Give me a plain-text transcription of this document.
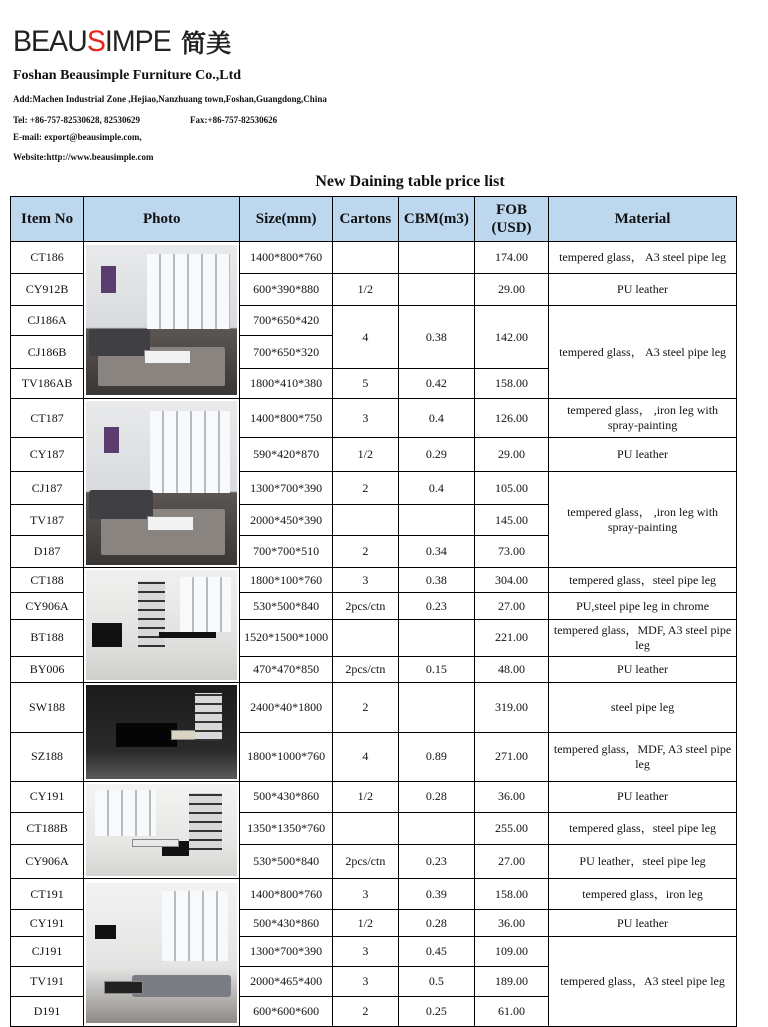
BEAUSIMPE 简美
Foshan Beausimple Furniture Co.,Ltd
Add:Machen Industrial Zone ,Hejiao,Nanzhuang town,Foshan,Guangdong,China
Tel: +86-757-82530628, 82530629	Fax:+86-757-82530626
E-mail: export@beausimple.com,
Website:http://www.beausimple.com
New Daining table price list
Item No	Photo	Size(mm)	Cartons	CBM(m3)	FOB (USD)	Material
CT186		1400*800*760			174.00	tempered glass， A3 steel pipe leg
CY912B		600*390*880	1/2		29.00	PU leather
CJ186A		700*650*420	4	0.38	142.00	tempered glass， A3 steel pipe leg
CJ186B		700*650*320				
TV186AB		1800*410*380	5	0.42	158.00	
CT187		1400*800*750	3	0.4	126.00	tempered glass， ,iron leg with spray-painting
CY187		590*420*870	1/2	0.29	29.00	PU leather
CJ187		1300*700*390	2	0.4	105.00	tempered glass， ,iron leg with spray-painting
TV187		2000*450*390			145.00	
D187		700*700*510	2	0.34	73.00	
CT188		1800*100*760	3	0.38	304.00	tempered glass，steel pipe leg
CY906A		530*500*840	2pcs/ctn	0.23	27.00	PU,steel pipe leg in chrome
BT188		1520*1500*1000			221.00	tempered glass，MDF, A3 steel pipe leg
BY006		470*470*850	2pcs/ctn	0.15	48.00	PU leather
SW188		2400*40*1800	2		319.00	steel pipe leg
SZ188		1800*1000*760	4	0.89	271.00	tempered glass，MDF, A3 steel pipe leg
CY191		500*430*860	1/2	0.28	36.00	PU leather
CT188B		1350*1350*760			255.00	tempered glass，steel pipe leg
CY906A		530*500*840	2pcs/ctn	0.23	27.00	PU leather，steel pipe leg
CT191		1400*800*760	3	0.39	158.00	tempered glass，iron leg
CY191		500*430*860	1/2	0.28	36.00	PU leather
CJ191		1300*700*390	3	0.45	109.00	tempered glass，A3 steel pipe leg
TV191		2000*465*400	3	0.5	189.00	
D191		600*600*600	2	0.25	61.00	
